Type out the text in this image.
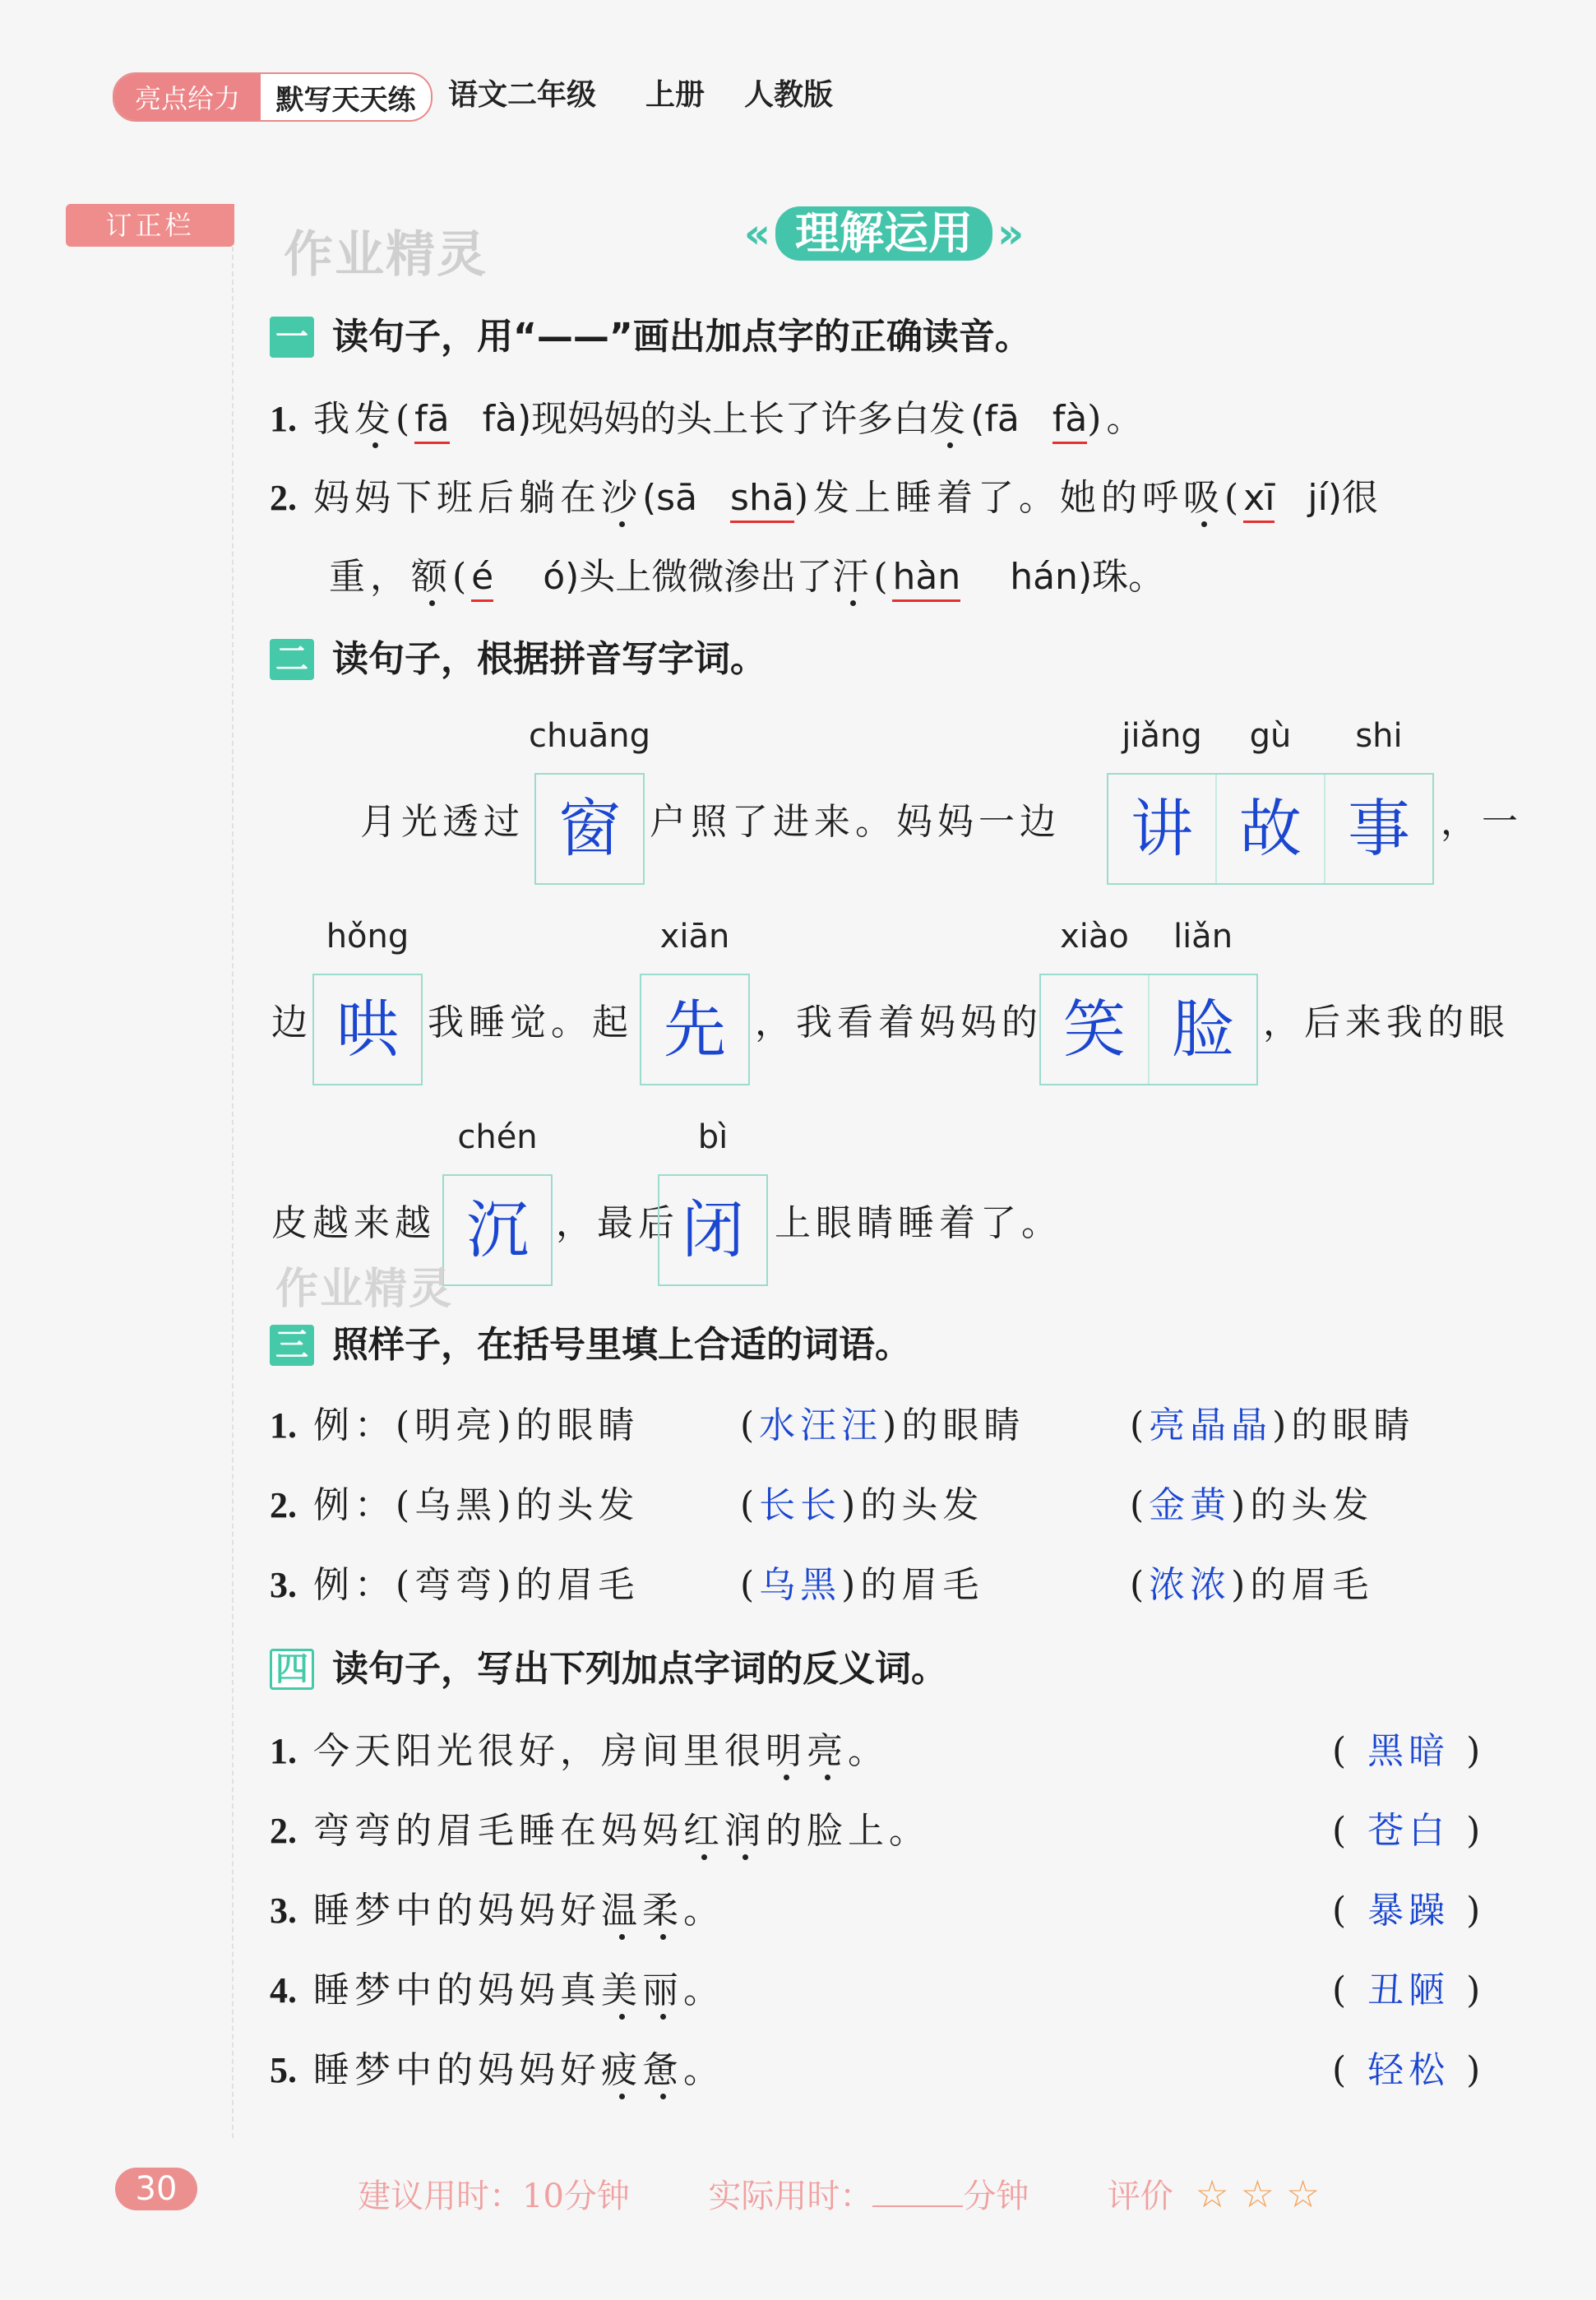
亮点给力	默写天天练	语文二年级 上册 人教版
订正栏
作业精灵	« 理解运用 »
一 读句子，用“——”画出加点字的正确读音。
1. 我发(fā fà)现妈妈的头上长了许多白发(fā fà)。
2. 妈妈下班后躺在沙(sā shā)发上睡着了。她的呼吸(xī jí)很
重，额(é ó)头上微微渗出了汗(hàn hán)珠。
二 读句子，根据拼音写字词。
月光透过
chuāng
窗 户照了进来。妈妈一边
jiǎng
讲
gù
故
shi
事 ，一
边
hǒng
哄 我睡觉。起
xiān
先 ，我看着妈妈的
xiào
笑
liǎn
脸 ，后来我的眼
皮越来越
chén
沉 ，最后
bì
闭 上眼睛睡着了。
作业精灵
三 照样子，在括号里填上合适的词语。
1. 例：(明亮)的眼睛	(水汪汪)的眼睛	(亮晶晶)的眼睛
2. 例：(乌黑)的头发	(长长)的头发	(金黄)的头发
3. 例：(弯弯)的眉毛	(乌黑)的眉毛	(浓浓)的眉毛
四 读句子，写出下列加点字词的反义词。
1. 今天阳光很好，房间里很明亮。	( 黑暗 )
2. 弯弯的眉毛睡在妈妈红润的脸上。	( 苍白 )
3. 睡梦中的妈妈好温柔。	( 暴躁 )
4. 睡梦中的妈妈真美丽。	( 丑陋 )
5. 睡梦中的妈妈好疲惫。	( 轻松 )
30	建议用时：10分钟 实际用时：	分钟 评价 ☆ ☆ ☆
